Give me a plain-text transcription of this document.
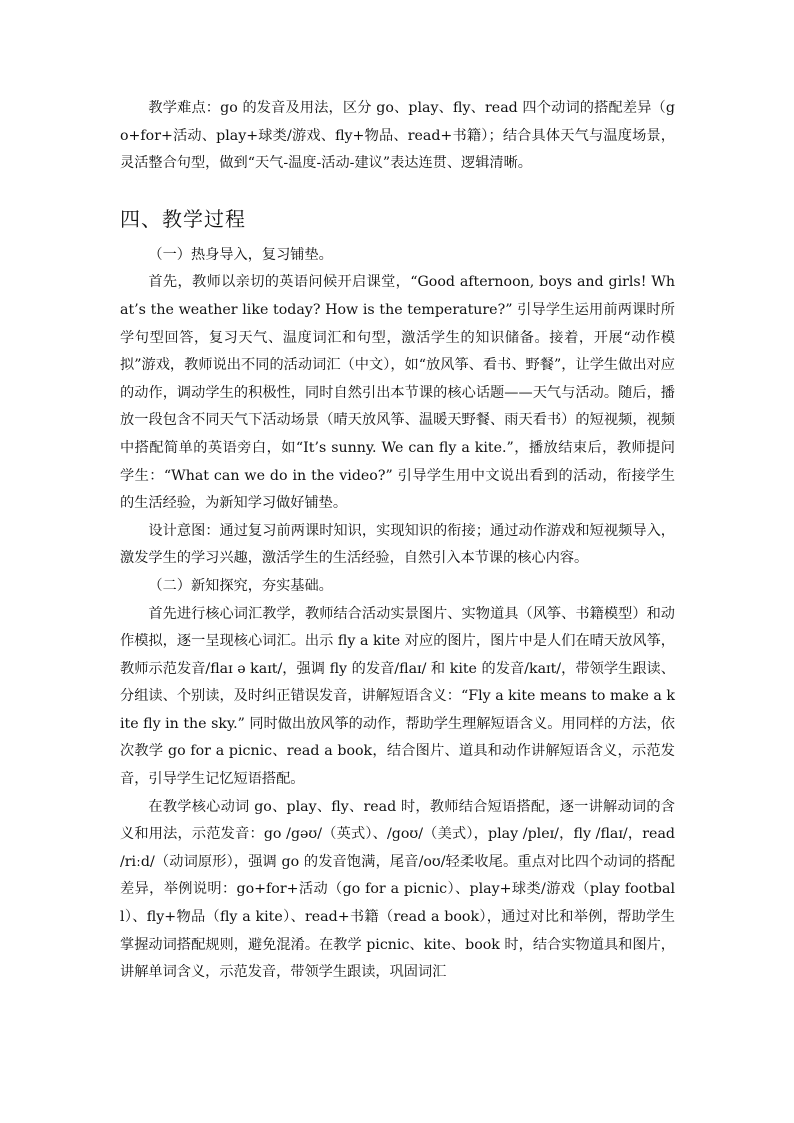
教学难点：go 的发音及用法，区分 go、play、fly、read 四个动词的搭配差异（go+for+活动、play+球类/游戏、fly+物品、read+书籍）；结合具体天气与温度场景，灵活整合句型，做到“天气-温度-活动-建议”表达连贯、逻辑清晰。

四、教学过程

（一）热身导入，复习铺垫。

首先，教师以亲切的英语问候开启课堂，“Good afternoon, boys and girls! What’s the weather like today? How is the temperature?” 引导学生运用前两课时所学句型回答，复习天气、温度词汇和句型，激活学生的知识储备。接着，开展“动作模拟”游戏，教师说出不同的活动词汇（中文），如“放风筝、看书、野餐”，让学生做出对应的动作，调动学生的积极性，同时自然引出本节课的核心话题——天气与活动。随后，播放一段包含不同天气下活动场景（晴天放风筝、温暖天野餐、雨天看书）的短视频，视频中搭配简单的英语旁白，如“It’s sunny. We can fly a kite.”，播放结束后，教师提问学生：“What can we do in the video?” 引导学生用中文说出看到的活动，衔接学生的生活经验，为新知学习做好铺垫。

设计意图：通过复习前两课时知识，实现知识的衔接；通过动作游戏和短视频导入，激发学生的学习兴趣，激活学生的生活经验，自然引入本节课的核心内容。

（二）新知探究，夯实基础。

首先进行核心词汇教学，教师结合活动实景图片、实物道具（风筝、书籍模型）和动作模拟，逐一呈现核心词汇。出示 fly a kite 对应的图片，图片中是人们在晴天放风筝，教师示范发音/flaɪ ə kaɪt/，强调 fly 的发音/flaɪ/ 和 kite 的发音/kaɪt/，带领学生跟读、分组读、个别读，及时纠正错误发音，讲解短语含义：“Fly a kite means to make a kite fly in the sky.” 同时做出放风筝的动作，帮助学生理解短语含义。用同样的方法，依次教学 go for a picnic、read a book，结合图片、道具和动作讲解短语含义，示范发音，引导学生记忆短语搭配。

在教学核心动词 go、play、fly、read 时，教师结合短语搭配，逐一讲解动词的含义和用法，示范发音：go /gəʊ/（英式）、/goʊ/（美式），play /pleɪ/，fly /flaɪ/，read /riːd/（动词原形），强调 go 的发音饱满，尾音/oʊ/轻柔收尾。重点对比四个动词的搭配差异，举例说明：go+for+活动（go for a picnic）、play+球类/游戏（play football）、fly+物品（fly a kite）、read+书籍（read a book），通过对比和举例，帮助学生掌握动词搭配规则，避免混淆。在教学 picnic、kite、book 时，结合实物道具和图片，讲解单词含义，示范发音，带领学生跟读，巩固词汇
